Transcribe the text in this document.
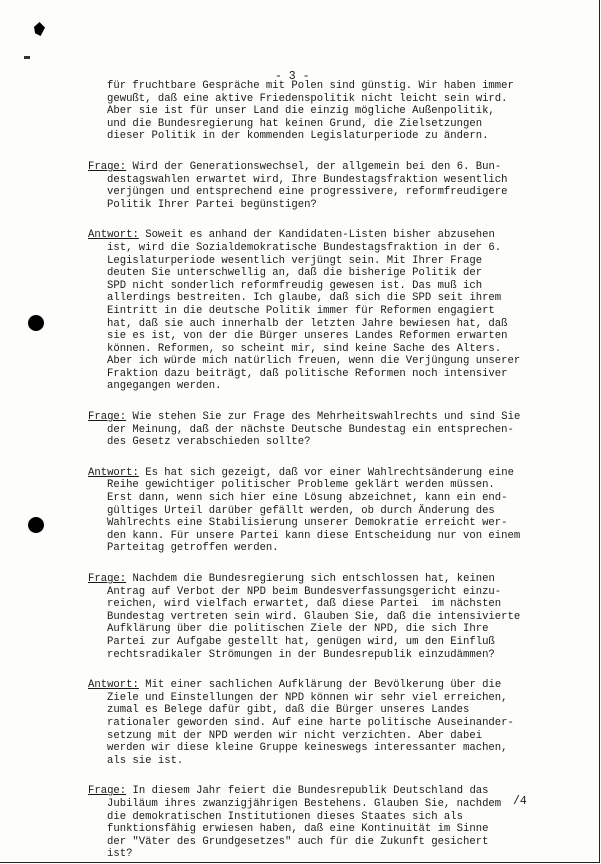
- 3 -

für fruchtbare Gespräche mit Polen sind günstig. Wir haben immer

gewußt, daß eine aktive Friedenspolitik nicht leicht sein wird.

Aber sie ist für unser Land die einzig mögliche Außenpolitik,

und die Bundesregierung hat keinen Grund, die Zielsetzungen

dieser Politik in der kommenden Legislaturperiode zu ändern.

Frage: Wird der Generationswechsel, der allgemein bei den 6. Bun-

destagswahlen erwartet wird, Ihre Bundestagsfraktion wesentlich

verjüngen und entsprechend eine progressivere, reformfreudigere

Politik Ihrer Partei begünstigen?

Antwort: Soweit es anhand der Kandidaten-Listen bisher abzusehen

ist, wird die Sozialdemokratische Bundestagsfraktion in der 6.

Legislaturperiode wesentlich verjüngt sein. Mit Ihrer Frage

deuten Sie unterschwellig an, daß die bisherige Politik der

SPD nicht sonderlich reformfreudig gewesen ist. Das muß ich

allerdings bestreiten. Ich glaube, daß sich die SPD seit ihrem

Eintritt in die deutsche Politik immer für Reformen engagiert

hat, daß sie auch innerhalb der letzten Jahre bewiesen hat, daß

sie es ist, von der die Bürger unseres Landes Reformen erwarten

können. Reformen, so scheint mir, sind keine Sache des Alters.

Aber ich würde mich natürlich freuen, wenn die Verjüngung unserer

Fraktion dazu beiträgt, daß politische Reformen noch intensiver

angegangen werden.

Frage: Wie stehen Sie zur Frage des Mehrheitswahlrechts und sind Sie

der Meinung, daß der nächste Deutsche Bundestag ein entsprechen-

des Gesetz verabschieden sollte?

Antwort: Es hat sich gezeigt, daß vor einer Wahlrechtsänderung eine

Reihe gewichtiger politischer Probleme geklärt werden müssen.

Erst dann, wenn sich hier eine Lösung abzeichnet, kann ein end-

gültiges Urteil darüber gefällt werden, ob durch Änderung des

Wahlrechts eine Stabilisierung unserer Demokratie erreicht wer-

den kann. Für unsere Partei kann diese Entscheidung nur von einem

Parteitag getroffen werden.

Frage: Nachdem die Bundesregierung sich entschlossen hat, keinen

Antrag auf Verbot der NPD beim Bundesverfassungsgericht einzu-

reichen, wird vielfach erwartet, daß diese Partei  im nächsten

Bundestag vertreten sein wird. Glauben Sie, daß die intensivierte

Aufklärung über die politischen Ziele der NPD, die sich Ihre

Partei zur Aufgabe gestellt hat, genügen wird, um den Einfluß

rechtsradikaler Strömungen in der Bundesrepublik einzudämmen?

Antwort: Mit einer sachlichen Aufklärung der Bevölkerung über die

Ziele und Einstellungen der NPD können wir sehr viel erreichen,

zumal es Belege dafür gibt, daß die Bürger unseres Landes

rationaler geworden sind. Auf eine harte politische Auseinander-

setzung mit der NPD werden wir nicht verzichten. Aber dabei

werden wir diese kleine Gruppe keineswegs interessanter machen,

als sie ist.

Frage: In diesem Jahr feiert die Bundesrepublik Deutschland das

Jubiläum ihres zwanzigjährigen Bestehens. Glauben Sie, nachdem

die demokratischen Institutionen dieses Staates sich als

funktionsfähig erwiesen haben, daß eine Kontinuität im Sinne

der "Väter des Grundgesetzes" auch für die Zukunft gesichert

ist?

/4
